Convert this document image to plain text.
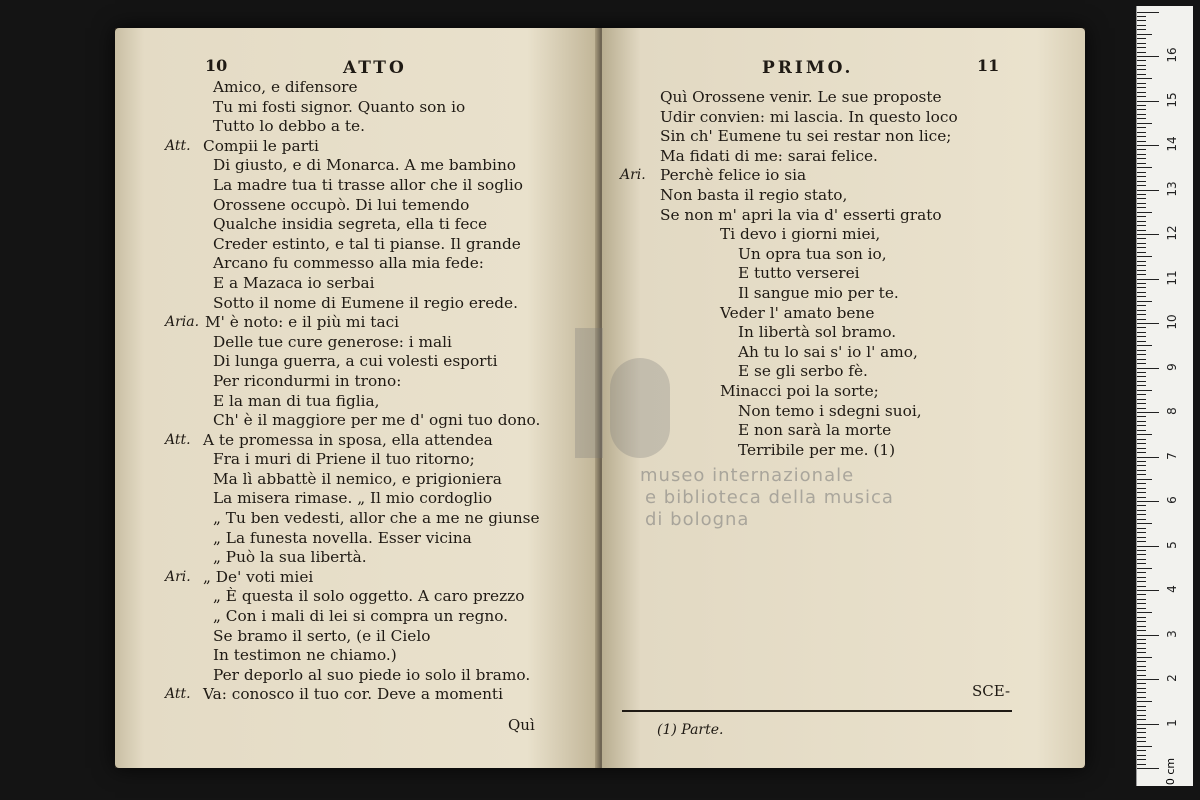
10	ATTO
Amico, e difensore
Tu mi fosti signor. Quanto son io
Tutto lo debbo a te.
Att. Compii le parti
Di giusto, e di Monarca. A me bambino
La madre tua ti trasse allor che il soglio
Orossene occupò. Di lui temendo
Qualche insidia segreta, ella ti fece
Creder estinto, e tal ti pianse. Il grande
Arcano fu commesso alla mia fede:
E a Mazaca io serbai
Sotto il nome di Eumene il regio erede.
Aria. M' è noto: e il più mi taci
Delle tue cure generose: i mali
Di lunga guerra, a cui volesti esporti
Per ricondurmi in trono:
E la man di tua figlia,
Ch' è il maggiore per me d' ogni tuo dono.
Att. A te promessa in sposa, ella attendea
Fra i muri di Priene il tuo ritorno;
Ma lì abbattè il nemico, e prigioniera
La misera rimase. „ Il mio cordoglio
„ Tu ben vedesti, allor che a me ne giunse
„ La funesta novella. Esser vicina
„ Può la sua libertà.
Ari. „ De' voti miei
„ È questa il solo oggetto. A caro prezzo
„ Con i mali di lei si compra un regno.
Se bramo il serto, (e il Cielo
In testimon ne chiamo.)
Per deporlo al suo piede io solo il bramo.
Att. Va: conosco il tuo cor. Deve a momenti
Quì
PRIMO.	11
Quì Orossene venir. Le sue proposte
Udir convien: mi lascia. In questo loco
Sin ch' Eumene tu sei restar non lice;
Ma fidati di me: sarai felice.
Ari. Perchè felice io sia
Non basta il regio stato,
Se non m' apri la via d' esserti grato
Ti devo i giorni miei,
Un opra tua son io,
E tutto verserei
Il sangue mio per te.
Veder l' amato bene
In libertà sol bramo.
Ah tu lo sai s' io l' amo,
E se gli serbo fè.
Minacci poi la sorte;
Non temo i sdegni suoi,
E non sarà la morte
Terribile per me. (1)
SCE-
(1) Parte.
museo internazionale
e biblioteca della musica
di bologna
0 cm
1
2
3
4
5
6
7
8
9
10
11
12
13
14
15
16
